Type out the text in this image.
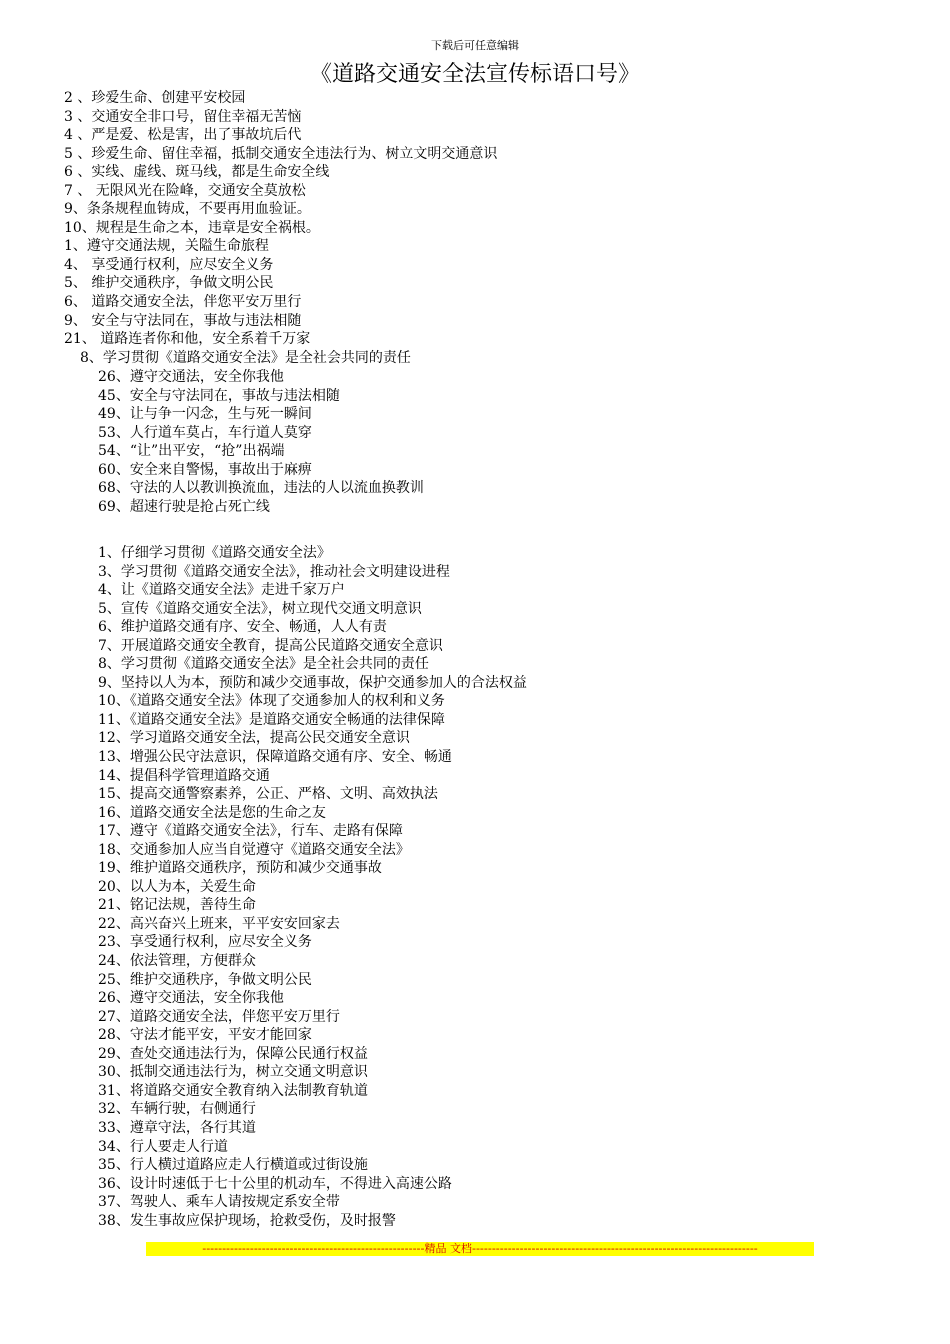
下载后可任意编辑
《道路交通安全法宣传标语口号》
2 、珍爱生命、创建平安校园
3 、交通安全非口号，留住幸福无苦恼
4 、严是爱、松是害，出了事故坑后代
5 、珍爱生命、留住幸福，抵制交通安全违法行为、树立文明交通意识
6 、实线、虚线、斑马线，都是生命安全线
7 、 无限风光在险峰，交通安全莫放松
9、条条规程血铸成，不要再用血验证。
10、规程是生命之本，违章是安全祸根。
1、遵守交通法规，关隘生命旅程
4、 享受通行权利，应尽安全义务
5、 维护交通秩序，争做文明公民
6、 道路交通安全法，伴您平安万里行
9、 安全与守法同在，事故与违法相随
21、 道路连者你和他，安全系着千万家
8、学习贯彻《道路交通安全法》是全社会共同的责任
26、遵守交通法，安全你我他
45、安全与守法同在，事故与违法相随
49、让与争一闪念，生与死一瞬间
53、人行道车莫占，车行道人莫穿
54、“让”出平安，“抢”出祸端
60、安全来自警惕，事故出于麻痹
68、守法的人以教训换流血，违法的人以流血换教训
69、超速行驶是抢占死亡线
1、仔细学习贯彻《道路交通安全法》
3、学习贯彻《道路交通安全法》，推动社会文明建设进程
4、让《道路交通安全法》走进千家万户
5、宣传《道路交通安全法》，树立现代交通文明意识
6、维护道路交通有序、安全、畅通，人人有责
7、开展道路交通安全教育，提高公民道路交通安全意识
8、学习贯彻《道路交通安全法》是全社会共同的责任
9、坚持以人为本，预防和减少交通事故，保护交通参加人的合法权益
10、《道路交通安全法》体现了交通参加人的权利和义务
11、《道路交通安全法》是道路交通安全畅通的法律保障
12、学习道路交通安全法，提高公民交通安全意识
13、增强公民守法意识，保障道路交通有序、安全、畅通
14、提倡科学管理道路交通
15、提高交通警察素养，公正、严格、文明、高效执法
16、道路交通安全法是您的生命之友
17、遵守《道路交通安全法》，行车、走路有保障
18、交通参加人应当自觉遵守《道路交通安全法》
19、维护道路交通秩序，预防和减少交通事故
20、以人为本，关爱生命
21、铭记法规，善待生命
22、高兴奋兴上班来，平平安安回家去
23、享受通行权利，应尽安全义务
24、依法管理，方便群众
25、维护交通秩序，争做文明公民
26、遵守交通法，安全你我他
27、道路交通安全法，伴您平安万里行
28、守法才能平安，平安才能回家
29、查处交通违法行为，保障公民通行权益
30、抵制交通违法行为，树立交通文明意识
31、将道路交通安全教育纳入法制教育轨道
32、车辆行驶，右侧通行
33、遵章守法，各行其道
34、行人要走人行道
35、行人横过道路应走人行横道或过街设施
36、设计时速低于七十公里的机动车，不得进入高速公路
37、驾驶人、乘车人请按规定系安全带
38、发生事故应保护现场，抢救受伤，及时报警
--------------------------------------------------------精品 文档------------------------------------------------------------------------
